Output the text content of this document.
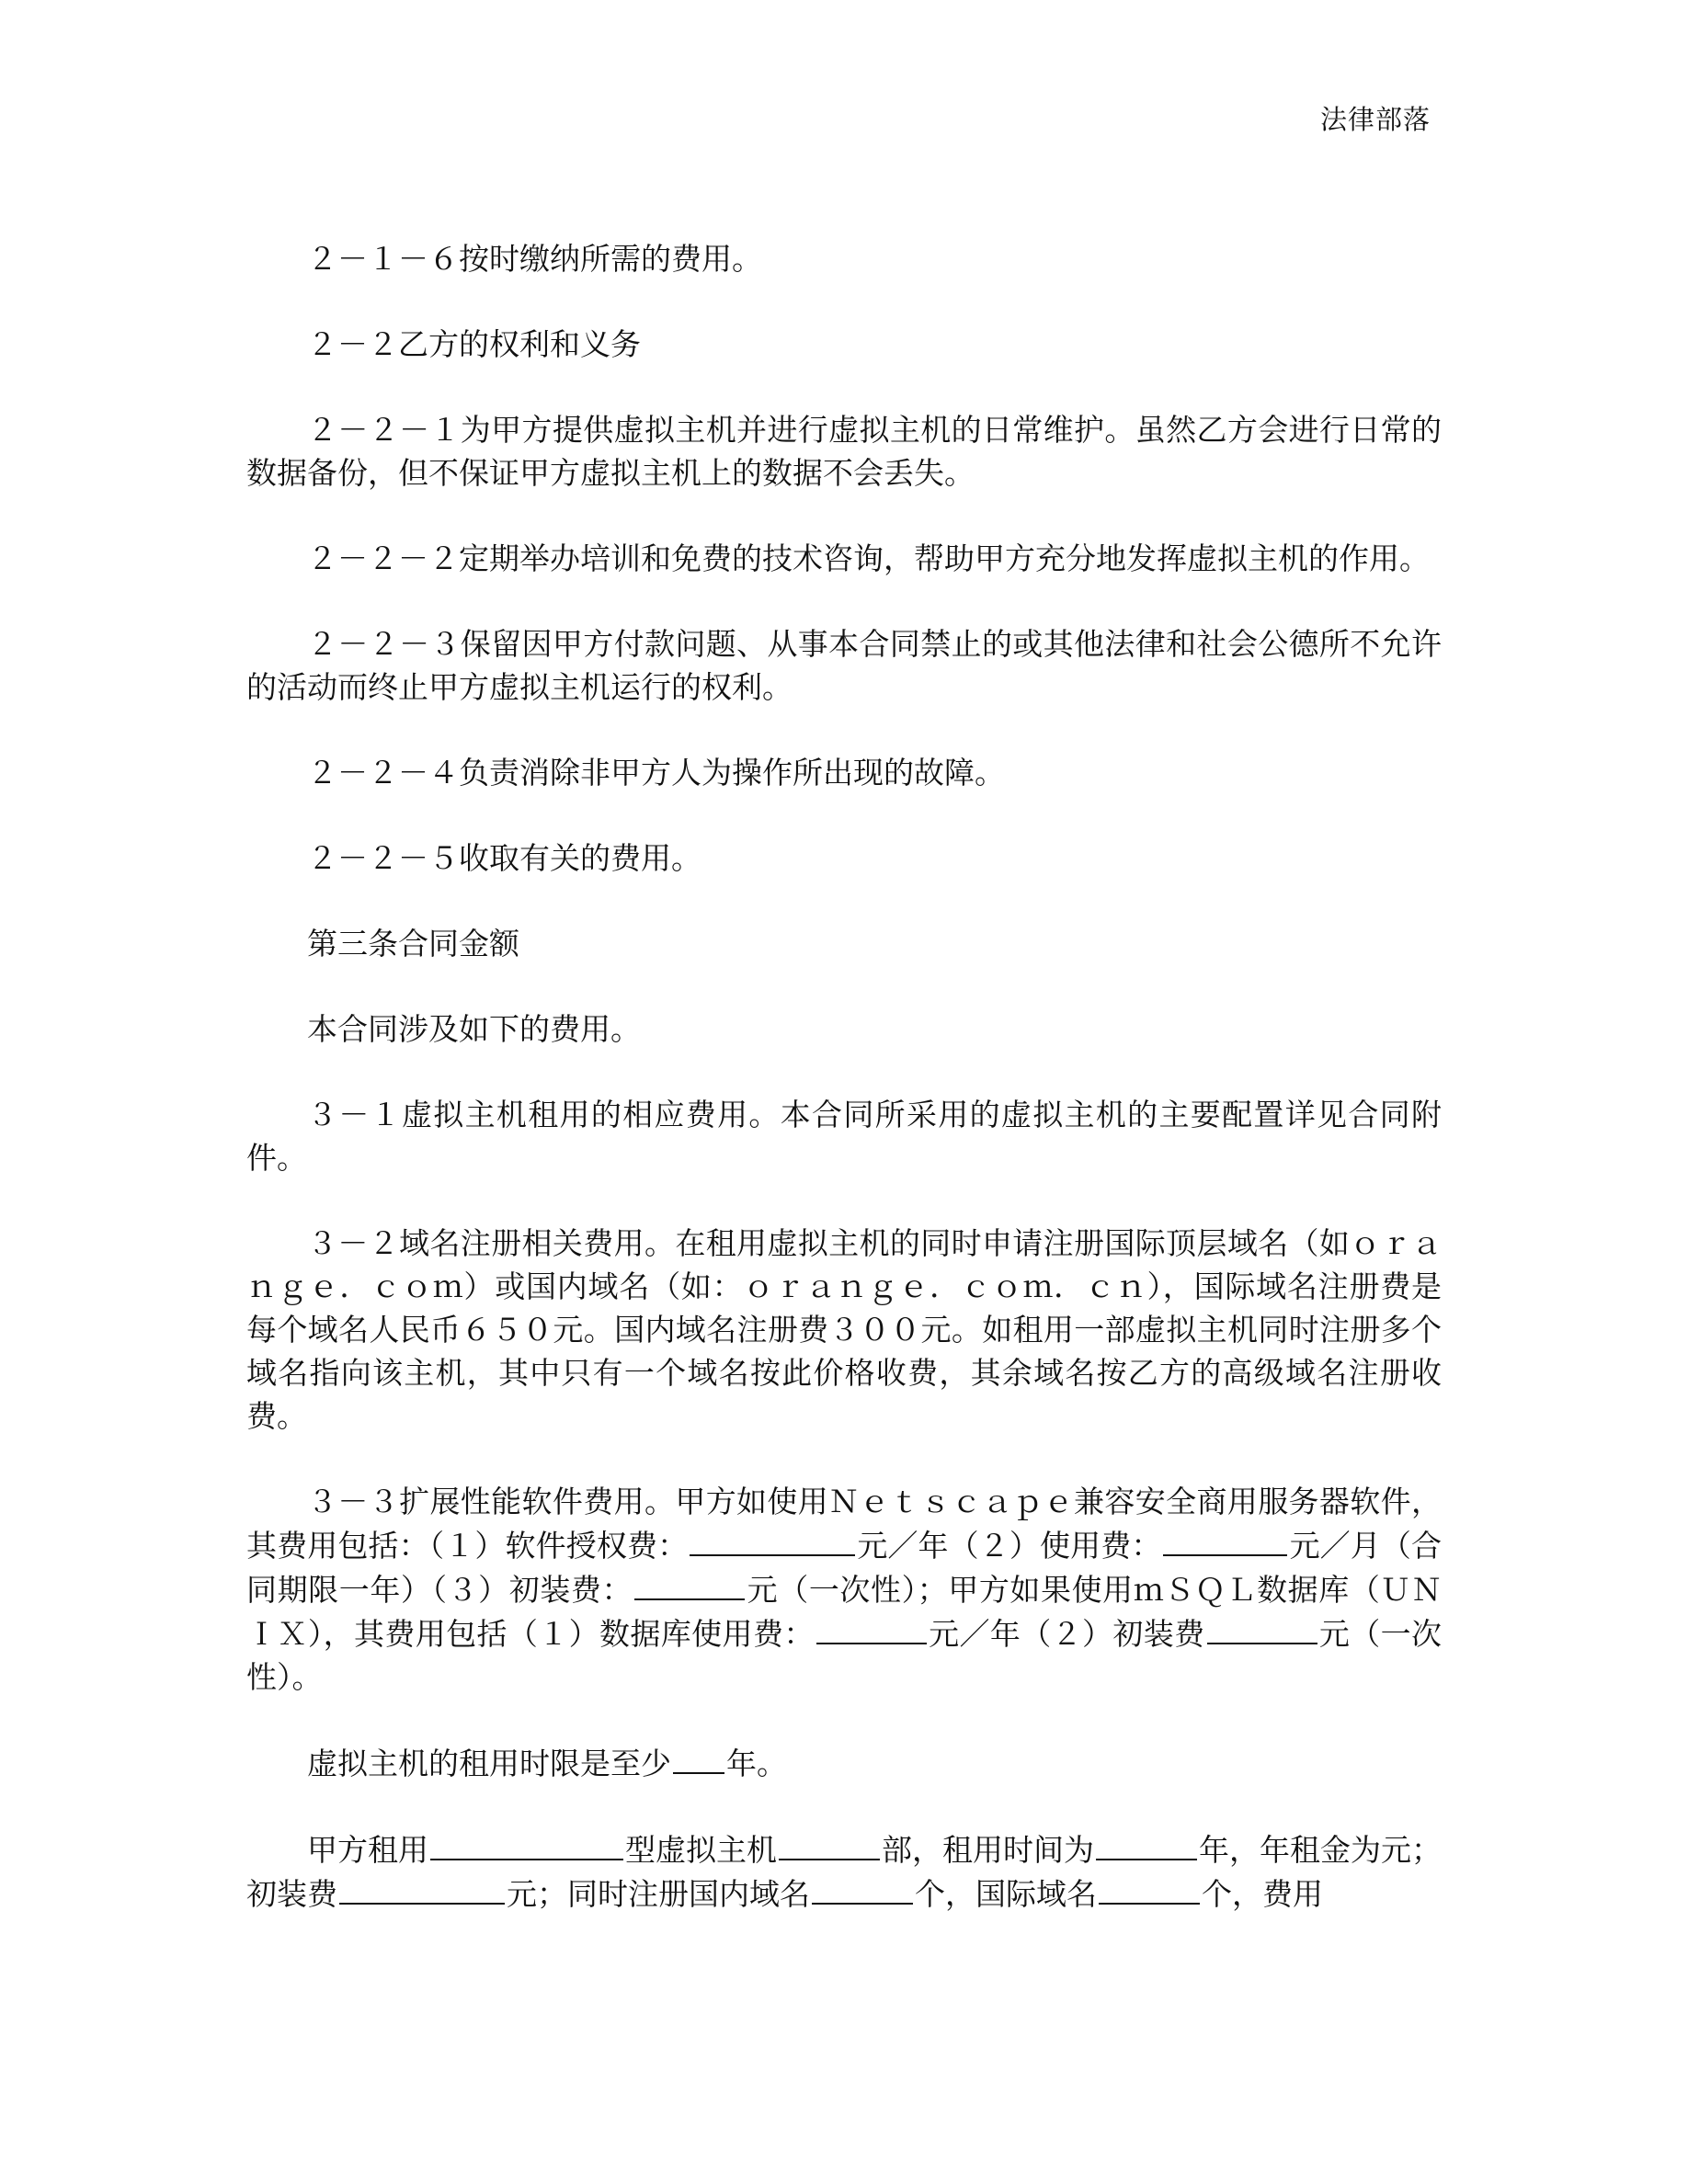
法律部落

２－１－６按时缴纳所需的费用。

２－２乙方的权利和义务

２－２－１为甲方提供虚拟主机并进行虚拟主机的日常维护。虽然乙方会进行日常的数据备份，但不保证甲方虚拟主机上的数据不会丢失。

２－２－２定期举办培训和免费的技术咨询，帮助甲方充分地发挥虚拟主机的作用。

２－２－３保留因甲方付款问题、从事本合同禁止的或其他法律和社会公德所不允许的活动而终止甲方虚拟主机运行的权利。

２－２－４负责消除非甲方人为操作所出现的故障。

２－２－５收取有关的费用。

第三条合同金额

本合同涉及如下的费用。

３－１虚拟主机租用的相应费用。本合同所采用的虚拟主机的主要配置详见合同附件。

３－２域名注册相关费用。在租用虚拟主机的同时申请注册国际顶层域名（如ｏｒａｎｇｅ．ｃｏｍ）或国内域名（如：ｏｒａｎｇｅ．ｃｏｍ．ｃｎ），国际域名注册费是每个域名人民币６５０元。国内域名注册费３００元。如租用一部虚拟主机同时注册多个域名指向该主机，其中只有一个域名按此价格收费，其余域名按乙方的高级域名注册收费。

３－３扩展性能软件费用。甲方如使用Ｎｅｔｓｃａｐｅ兼容安全商用服务器软件，其费用包括：（１）软件授权费：	元／年（２）使用费：	元／月（合同期限一年）（３）初装费：	元（一次性）；甲方如果使用ｍＳＱＬ数据库（ＵＮＩＸ），其费用包括（１）数据库使用费：	元／年（２）初装费	元（一次性）。

虚拟主机的租用时限是至少 年。

甲方租用	型虚拟主机	部，租用时间为	年，年租金为元；初装费	元；同时注册国内域名	个，国际域名	个，费用
